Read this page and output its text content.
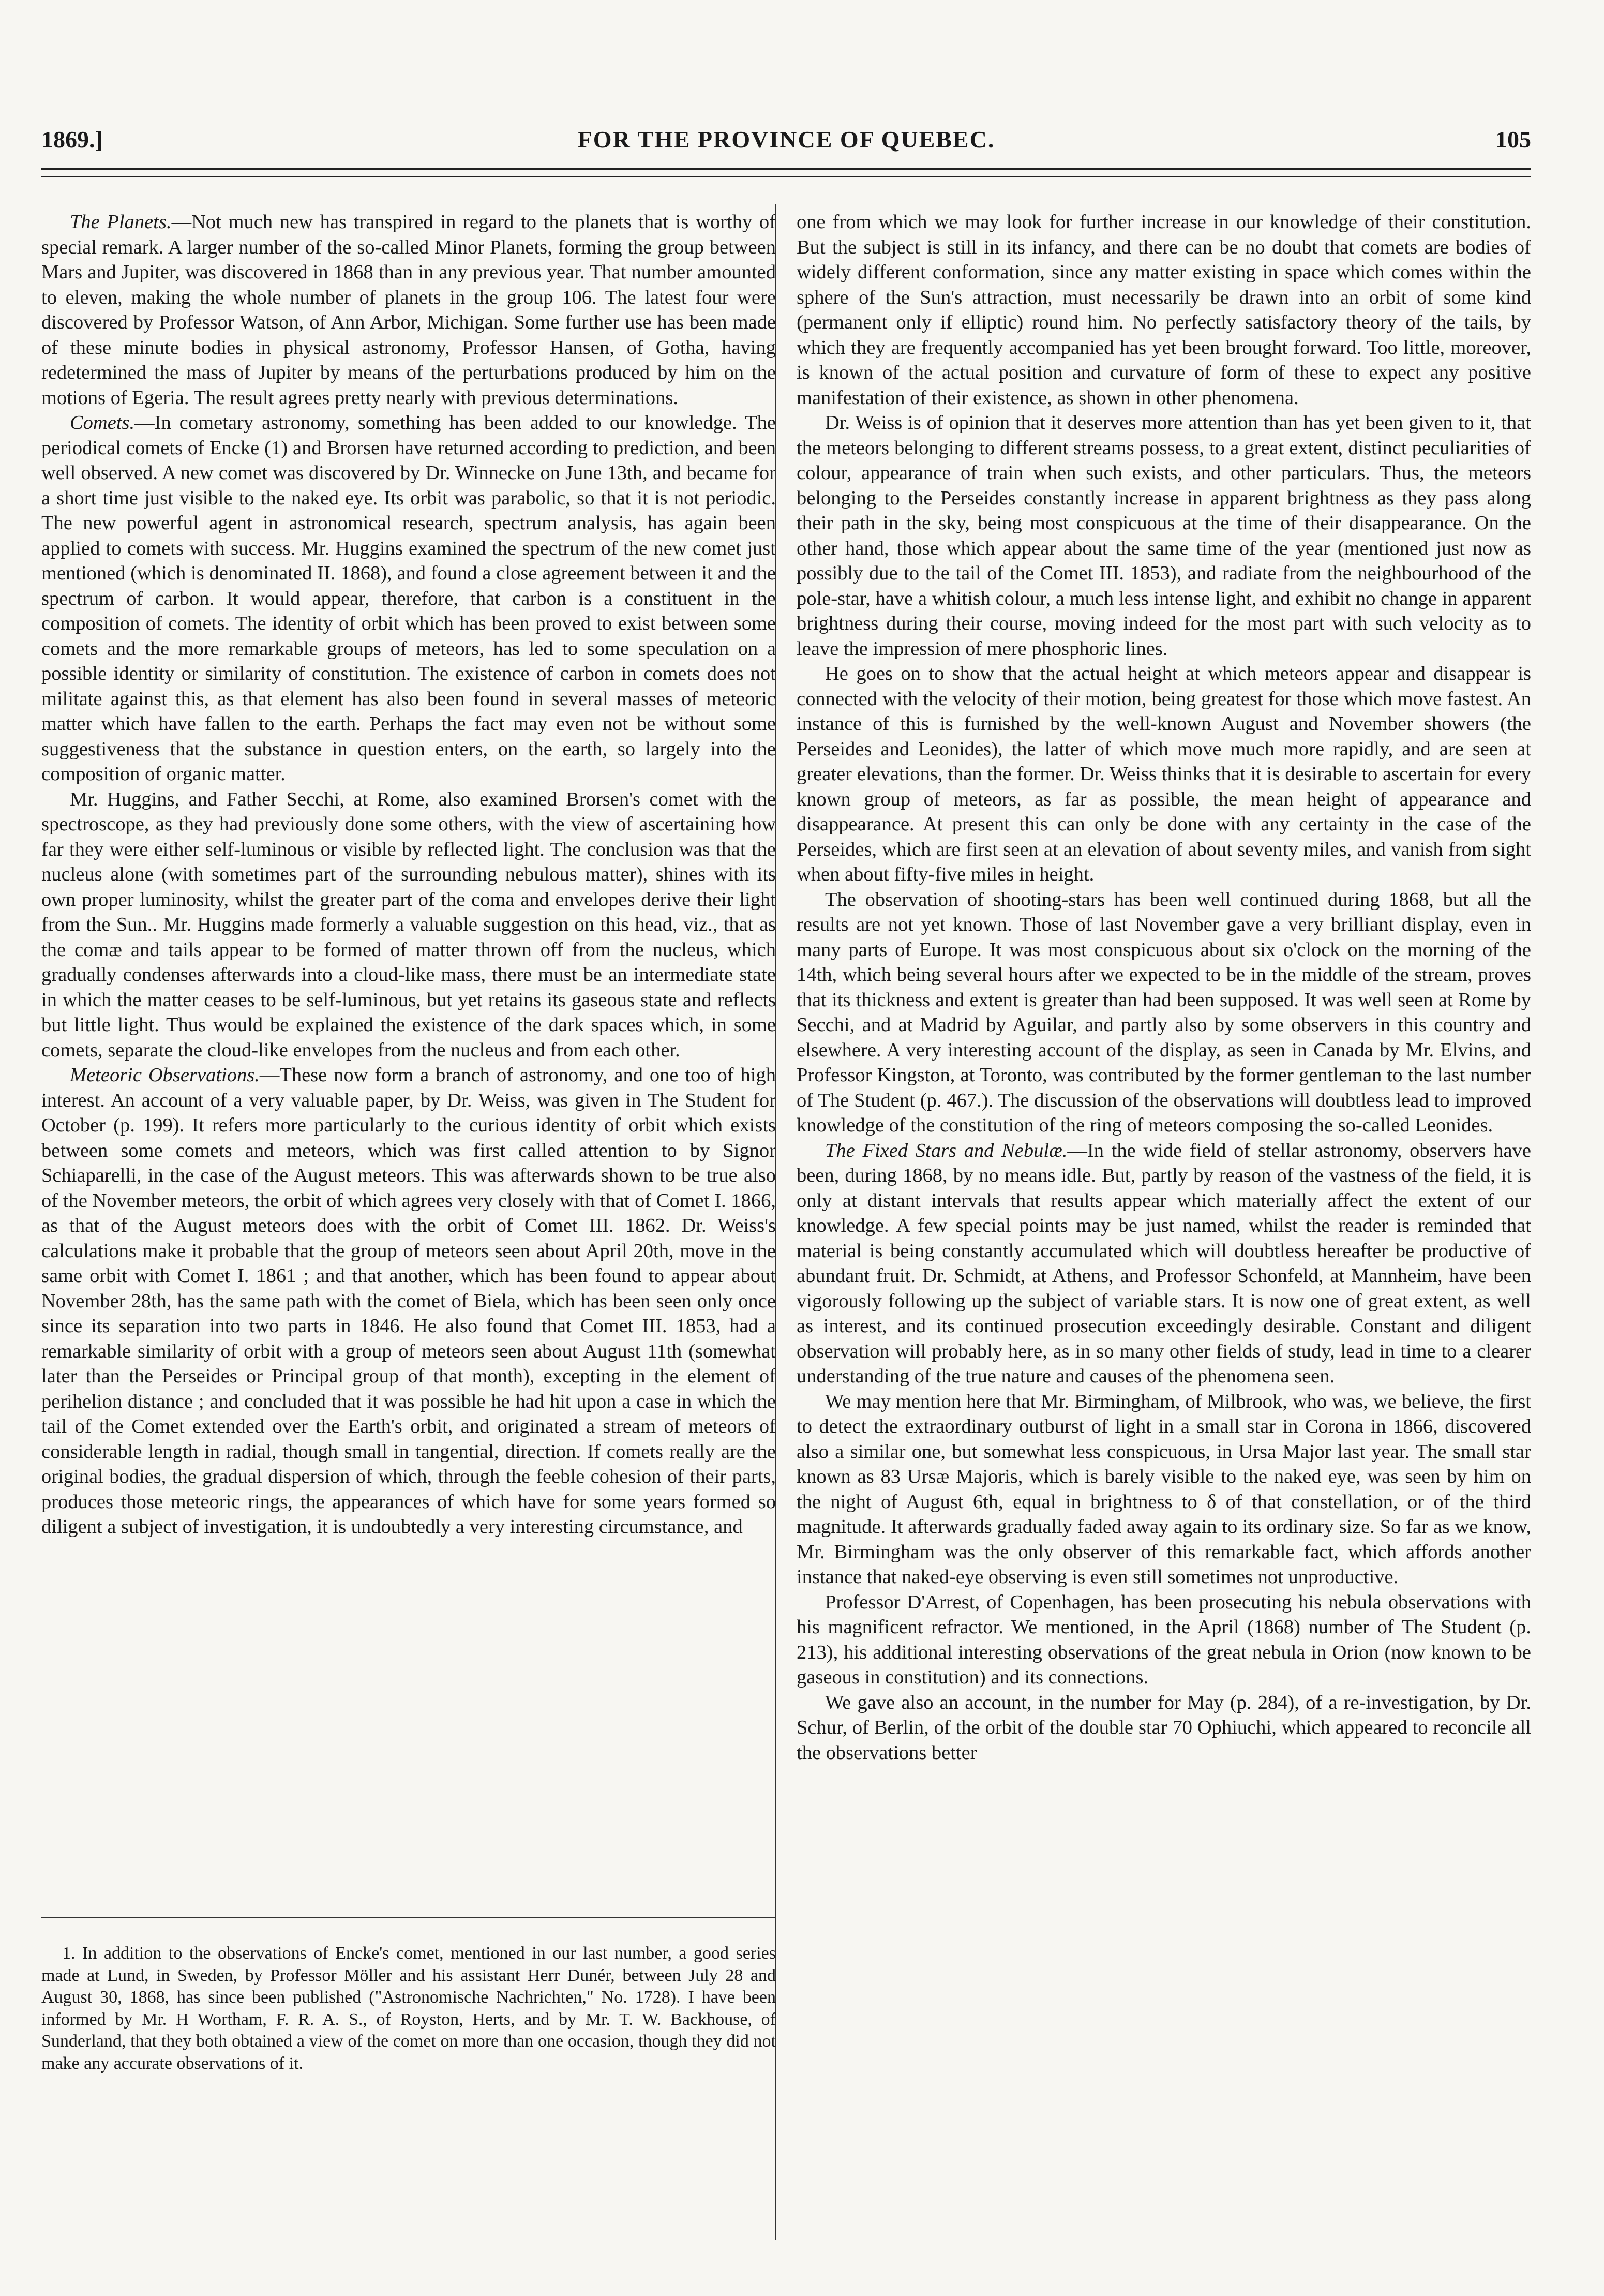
1869.]	FOR THE PROVINCE OF QUEBEC.	105

The Planets.—Not much new has transpired in regard to the planets that is worthy of special remark. A larger number of the so-called Minor Planets, forming the group between Mars and Jupiter, was discovered in 1868 than in any previous year. That number amounted to eleven, making the whole number of planets in the group 106. The latest four were discovered by Professor Watson, of Ann Arbor, Michigan. Some further use has been made of these minute bodies in physical astronomy, Professor Hansen, of Gotha, having redetermined the mass of Jupiter by means of the perturbations produced by him on the motions of Egeria. The result agrees pretty nearly with previous determinations.

Comets.—In cometary astronomy, something has been added to our knowledge. The periodical comets of Encke (1) and Brorsen have returned according to prediction, and been well observed. A new comet was discovered by Dr. Winnecke on June 13th, and became for a short time just visible to the naked eye. Its orbit was parabolic, so that it is not periodic. The new powerful agent in astronomical research, spectrum analysis, has again been applied to comets with success. Mr. Huggins examined the spectrum of the new comet just mentioned (which is denominated II. 1868), and found a close agreement between it and the spectrum of carbon. It would appear, therefore, that carbon is a constituent in the composition of comets. The identity of orbit which has been proved to exist between some comets and the more remarkable groups of meteors, has led to some speculation on a possible identity or similarity of constitution. The existence of carbon in comets does not militate against this, as that element has also been found in several masses of meteoric matter which have fallen to the earth. Perhaps the fact may even not be without some suggestiveness that the substance in question enters, on the earth, so largely into the composition of organic matter.

Mr. Huggins, and Father Secchi, at Rome, also examined Brorsen's comet with the spectroscope, as they had previously done some others, with the view of ascertaining how far they were either self-luminous or visible by reflected light. The conclusion was that the nucleus alone (with sometimes part of the surrounding nebulous matter), shines with its own proper luminosity, whilst the greater part of the coma and envelopes derive their light from the Sun.. Mr. Huggins made formerly a valuable suggestion on this head, viz., that as the comæ and tails appear to be formed of matter thrown off from the nucleus, which gradually condenses afterwards into a cloud-like mass, there must be an intermediate state in which the matter ceases to be self-luminous, but yet retains its gaseous state and reflects but little light. Thus would be explained the existence of the dark spaces which, in some comets, separate the cloud-like envelopes from the nucleus and from each other.

Meteoric Observations.—These now form a branch of astronomy, and one too of high interest. An account of a very valuable paper, by Dr. Weiss, was given in The Student for October (p. 199). It refers more particularly to the curious identity of orbit which exists between some comets and meteors, which was first called attention to by Signor Schiaparelli, in the case of the August meteors. This was afterwards shown to be true also of the November meteors, the orbit of which agrees very closely with that of Comet I. 1866, as that of the August meteors does with the orbit of Comet III. 1862. Dr. Weiss's calculations make it probable that the group of meteors seen about April 20th, move in the same orbit with Comet I. 1861 ; and that another, which has been found to appear about November 28th, has the same path with the comet of Biela, which has been seen only once since its separation into two parts in 1846. He also found that Comet III. 1853, had a remarkable similarity of orbit with a group of meteors seen about August 11th (somewhat later than the Perseides or Principal group of that month), excepting in the element of perihelion distance ; and concluded that it was possible he had hit upon a case in which the tail of the Comet extended over the Earth's orbit, and originated a stream of meteors of considerable length in radial, though small in tangential, direction. If comets really are the original bodies, the gradual dispersion of which, through the feeble cohesion of their parts, produces those meteoric rings, the appearances of which have for some years formed so diligent a subject of investigation, it is undoubtedly a very interesting circumstance, and

one from which we may look for further increase in our knowledge of their constitution. But the subject is still in its infancy, and there can be no doubt that comets are bodies of widely different conformation, since any matter existing in space which comes within the sphere of the Sun's attraction, must necessarily be drawn into an orbit of some kind (permanent only if elliptic) round him. No perfectly satisfactory theory of the tails, by which they are frequently accompanied has yet been brought forward. Too little, moreover, is known of the actual position and curvature of form of these to expect any positive manifestation of their existence, as shown in other phenomena.

Dr. Weiss is of opinion that it deserves more attention than has yet been given to it, that the meteors belonging to different streams possess, to a great extent, distinct peculiarities of colour, appearance of train when such exists, and other particulars. Thus, the meteors belonging to the Perseides constantly increase in apparent brightness as they pass along their path in the sky, being most conspicuous at the time of their disappearance. On the other hand, those which appear about the same time of the year (mentioned just now as possibly due to the tail of the Comet III. 1853), and radiate from the neighbourhood of the pole-star, have a whitish colour, a much less intense light, and exhibit no change in apparent brightness during their course, moving indeed for the most part with such velocity as to leave the impression of mere phosphoric lines.

He goes on to show that the actual height at which meteors appear and disappear is connected with the velocity of their motion, being greatest for those which move fastest. An instance of this is furnished by the well-known August and November showers (the Perseides and Leonides), the latter of which move much more rapidly, and are seen at greater elevations, than the former. Dr. Weiss thinks that it is desirable to ascertain for every known group of meteors, as far as possible, the mean height of appearance and disappearance. At present this can only be done with any certainty in the case of the Perseides, which are first seen at an elevation of about seventy miles, and vanish from sight when about fifty-five miles in height.

The observation of shooting-stars has been well continued during 1868, but all the results are not yet known. Those of last November gave a very brilliant display, even in many parts of Europe. It was most conspicuous about six o'clock on the morning of the 14th, which being several hours after we expected to be in the middle of the stream, proves that its thickness and extent is greater than had been supposed. It was well seen at Rome by Secchi, and at Madrid by Aguilar, and partly also by some observers in this country and elsewhere. A very interesting account of the display, as seen in Canada by Mr. Elvins, and Professor Kingston, at Toronto, was contributed by the former gentleman to the last number of The Student (p. 467.). The discussion of the observations will doubtless lead to improved knowledge of the constitution of the ring of meteors composing the so-called Leonides.

The Fixed Stars and Nebulæ.—In the wide field of stellar astronomy, observers have been, during 1868, by no means idle. But, partly by reason of the vastness of the field, it is only at distant intervals that results appear which materially affect the extent of our knowledge. A few special points may be just named, whilst the reader is reminded that material is being constantly accumulated which will doubtless hereafter be productive of abundant fruit. Dr. Schmidt, at Athens, and Professor Schonfeld, at Mannheim, have been vigorously following up the subject of variable stars. It is now one of great extent, as well as interest, and its continued prosecution exceedingly desirable. Constant and diligent observation will probably here, as in so many other fields of study, lead in time to a clearer understanding of the true nature and causes of the phenomena seen.

We may mention here that Mr. Birmingham, of Milbrook, who was, we believe, the first to detect the extraordinary outburst of light in a small star in Corona in 1866, discovered also a similar one, but somewhat less conspicuous, in Ursa Major last year. The small star known as 83 Ursæ Majoris, which is barely visible to the naked eye, was seen by him on the night of August 6th, equal in brightness to δ of that constellation, or of the third magnitude. It afterwards gradually faded away again to its ordinary size. So far as we know, Mr. Birmingham was the only observer of this remarkable fact, which affords another instance that naked-eye observing is even still sometimes not unproductive.

Professor D'Arrest, of Copenhagen, has been prosecuting his nebula observations with his magnificent refractor. We mentioned, in the April (1868) number of The Student (p. 213), his additional interesting observations of the great nebula in Orion (now known to be gaseous in constitution) and its connections.

We gave also an account, in the number for May (p. 284), of a re-investigation, by Dr. Schur, of Berlin, of the orbit of the double star 70 Ophiuchi, which appeared to reconcile all the observations better

1. In addition to the observations of Encke's comet, mentioned in our last number, a good series made at Lund, in Sweden, by Professor Möller and his assistant Herr Dunér, between July 28 and August 30, 1868, has since been published ("Astronomische Nachrichten," No. 1728). I have been informed by Mr. H Wortham, F. R. A. S., of Royston, Herts, and by Mr. T. W. Backhouse, of Sunderland, that they both obtained a view of the comet on more than one occasion, though they did not make any accurate observations of it.
